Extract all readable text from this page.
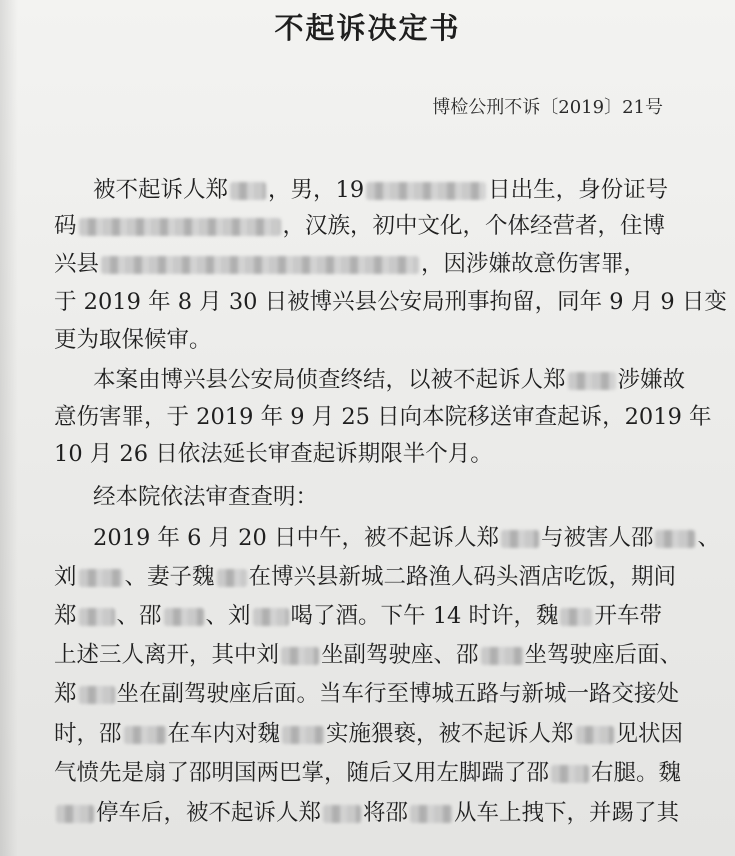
不起诉决定书
博检公刑不诉〔2019〕21号
被不起诉人郑 ，男，19	日出生，身份证号
码	，汉族，初中文化，个体经营者，住博
兴县	，因涉嫌故意伤害罪，
于 2019 年 8 月 30 日被博兴县公安局刑事拘留，同年 9 月 9 日变
更为取保候审。
本案由博兴县公安局侦查终结，以被不起诉人郑 涉嫌故
意伤害罪，于 2019 年 9 月 25 日向本院移送审查起诉，2019 年
10 月 26 日依法延长审查起诉期限半个月。
经本院依法审查查明：
2019 年 6 月 20 日中午，被不起诉人郑 与被害人邵 、
刘 、妻子魏 在博兴县新城二路渔人码头酒店吃饭，期间
郑 、邵 、刘 喝了酒。下午 14 时许，魏 开车带
上述三人离开，其中刘 坐副驾驶座、邵 坐驾驶座后面、
郑 坐在副驾驶座后面。当车行至博城五路与新城一路交接处
时，邵 在车内对魏 实施猥亵，被不起诉人郑 见状因
气愤先是扇了邵明国两巴掌，随后又用左脚踹了邵 右腿。魏
停车后，被不起诉人郑 将邵 从车上拽下，并踢了其
